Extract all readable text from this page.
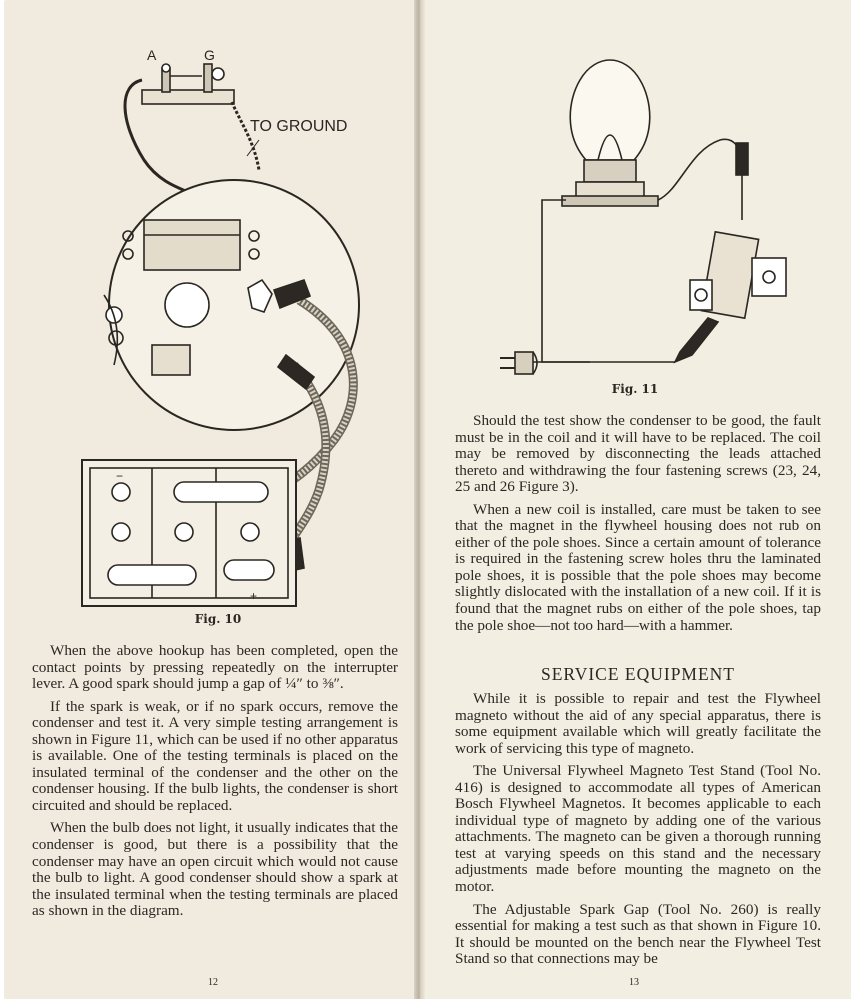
A	G
TO GROUND
−
+
Fig. 10

When the above hookup has been completed, open the contact points by pressing repeatedly on the interrupter lever. A good spark should jump a gap of ¼″ to ⅜″.

If the spark is weak, or if no spark occurs, remove the condenser and test it. A very simple testing arrangement is shown in Figure 11, which can be used if no other apparatus is available. One of the testing terminals is placed on the insulated terminal of the condenser and the other on the condenser housing. If the bulb lights, the condenser is short circuited and should be replaced.

When the bulb does not light, it usually indicates that the condenser is good, but there is a possibility that the condenser may have an open circuit which would not cause the bulb to light. A good condenser should show a spark at the insulated terminal when the testing terminals are placed as shown in the diagram.

12
Fig. 11

Should the test show the condenser to be good, the fault must be in the coil and it will have to be replaced. The coil may be removed by disconnecting the leads attached thereto and withdrawing the four fastening screws (23, 24, 25 and 26 Figure 3).

When a new coil is installed, care must be taken to see that the magnet in the flywheel housing does not rub on either of the pole shoes. Since a certain amount of tolerance is required in the fastening screw holes thru the laminated pole shoes, it is possible that the pole shoes may become slightly dislocated with the installation of a new coil. If it is found that the magnet rubs on either of the pole shoes, tap the pole shoe—not too hard—with a hammer.

SERVICE EQUIPMENT

While it is possible to repair and test the Flywheel magneto without the aid of any special apparatus, there is some equipment available which will greatly facilitate the work of servicing this type of magneto.

The Universal Flywheel Magneto Test Stand (Tool No. 416) is designed to accommodate all types of American Bosch Flywheel Magnetos. It becomes applicable to each individual type of magneto by adding one of the various attachments. The magneto can be given a thorough running test at varying speeds on this stand and the necessary adjustments made before mounting the magneto on the motor.

The Adjustable Spark Gap (Tool No. 260) is really essential for making a test such as that shown in Figure 10. It should be mounted on the bench near the Flywheel Test Stand so that connections may be

13
